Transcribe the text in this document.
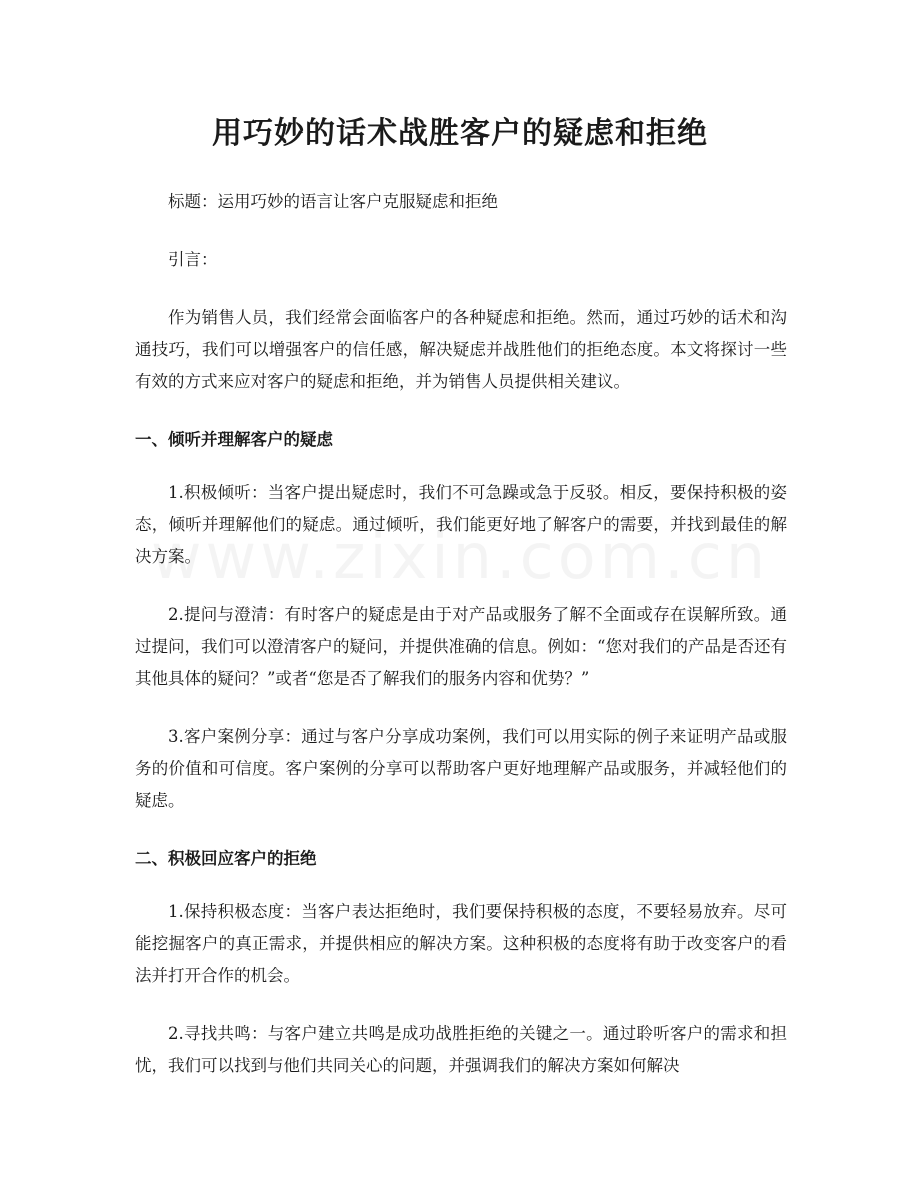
用巧妙的话术战胜客户的疑虑和拒绝

标题：运用巧妙的语言让客户克服疑虑和拒绝

引言：

作为销售人员，我们经常会面临客户的各种疑虑和拒绝。然而，通过巧妙的话术和沟通技巧，我们可以增强客户的信任感，解决疑虑并战胜他们的拒绝态度。本文将探讨一些有效的方式来应对客户的疑虑和拒绝，并为销售人员提供相关建议。

一、倾听并理解客户的疑虑

1.积极倾听：当客户提出疑虑时，我们不可急躁或急于反驳。相反，要保持积极的姿态，倾听并理解他们的疑虑。通过倾听，我们能更好地了解客户的需要，并找到最佳的解决方案。

2.提问与澄清：有时客户的疑虑是由于对产品或服务了解不全面或存在误解所致。通过提问，我们可以澄清客户的疑问，并提供准确的信息。例如：“您对我们的产品是否还有其他具体的疑问？”或者“您是否了解我们的服务内容和优势？”

3.客户案例分享：通过与客户分享成功案例，我们可以用实际的例子来证明产品或服务的价值和可信度。客户案例的分享可以帮助客户更好地理解产品或服务，并减轻他们的疑虑。

二、积极回应客户的拒绝

1.保持积极态度：当客户表达拒绝时，我们要保持积极的态度，不要轻易放弃。尽可能挖掘客户的真正需求，并提供相应的解决方案。这种积极的态度将有助于改变客户的看法并打开合作的机会。

2.寻找共鸣：与客户建立共鸣是成功战胜拒绝的关键之一。通过聆听客户的需求和担忧，我们可以找到与他们共同关心的问题，并强调我们的解决方案如何解决
